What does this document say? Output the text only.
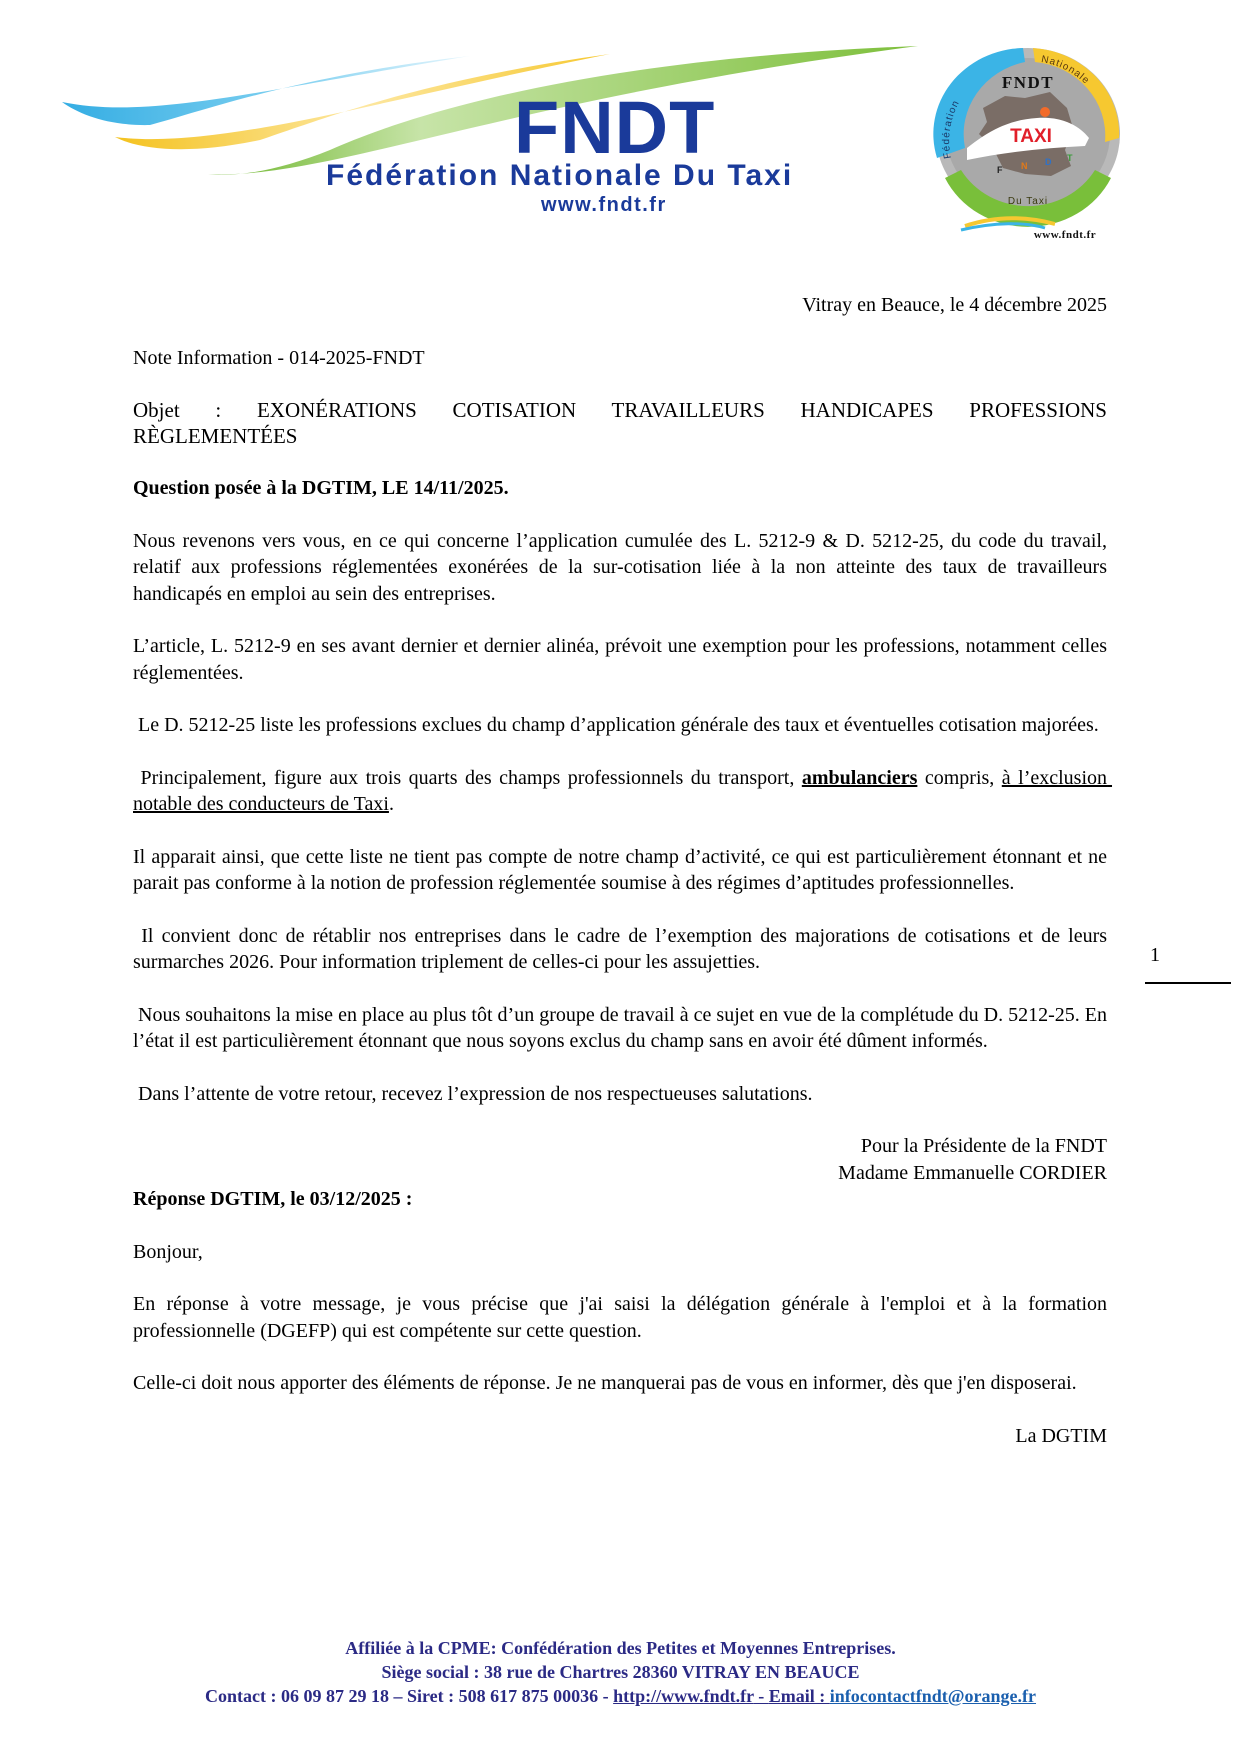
FNDT
Fédération Nationale Du Taxi
www.fndt.fr
FNDT
TAXI
F N D T
Fédération
Nationale
Du Taxi
www.fndt.fr
Vitray en Beauce, le 4 décembre 2025
Note Information - 014-2025-FNDT
Objet : EXONÉRATIONS COTISATION TRAVAILLEURS HANDICAPES PROFESSIONS
RÈGLEMENTÉES
Question posée à la DGTIM, LE 14/11/2025.
Nous revenons vers vous, en ce qui concerne l’application cumulée des L. 5212-9 & D. 5212-25, du code du travail, relatif aux professions réglementées exonérées de la sur-cotisation liée à la non atteinte des taux de travailleurs handicapés en emploi au sein des entreprises.
L’article, L. 5212-9 en ses avant dernier et dernier alinéa, prévoit une exemption pour les professions, notamment celles réglementées.
Le D. 5212-25 liste les professions exclues du champ d’application générale des taux et éventuelles cotisation majorées.
Principalement, figure aux trois quarts des champs professionnels du transport, ambulanciers compris, à l’exclusion notable des conducteurs de Taxi.
Il apparait ainsi, que cette liste ne tient pas compte de notre champ d’activité, ce qui est particulièrement étonnant et ne parait pas conforme à la notion de profession réglementée soumise à des régimes d’aptitudes professionnelles.
Il convient donc de rétablir nos entreprises dans le cadre de l’exemption des majorations de cotisations et de leurs surmarches 2026. Pour information triplement de celles-ci pour les assujetties.
Nous souhaitons la mise en place au plus tôt d’un groupe de travail à ce sujet en vue de la complétude du D. 5212-25. En l’état il est particulièrement étonnant que nous soyons exclus du champ sans en avoir été dûment informés.
Dans l’attente de votre retour, recevez l’expression de nos respectueuses salutations.
Pour la Présidente de la FNDT
Madame Emmanuelle CORDIER
Réponse DGTIM, le 03/12/2025 :
Bonjour,
En réponse à votre message, je vous précise que j'ai saisi la délégation générale à l'emploi et à la formation professionnelle (DGEFP) qui est compétente sur cette question.
Celle-ci doit nous apporter des éléments de réponse. Je ne manquerai pas de vous en informer, dès que j'en disposerai.
La DGTIM
1
Affiliée à la CPME: Confédération des Petites et Moyennes Entreprises.
Siège social : 38 rue de Chartres 28360 VITRAY EN BEAUCE
Contact : 06 09 87 29 18 – Siret : 508 617 875 00036 - http://www.fndt.fr - Email : infocontactfndt@orange.fr
